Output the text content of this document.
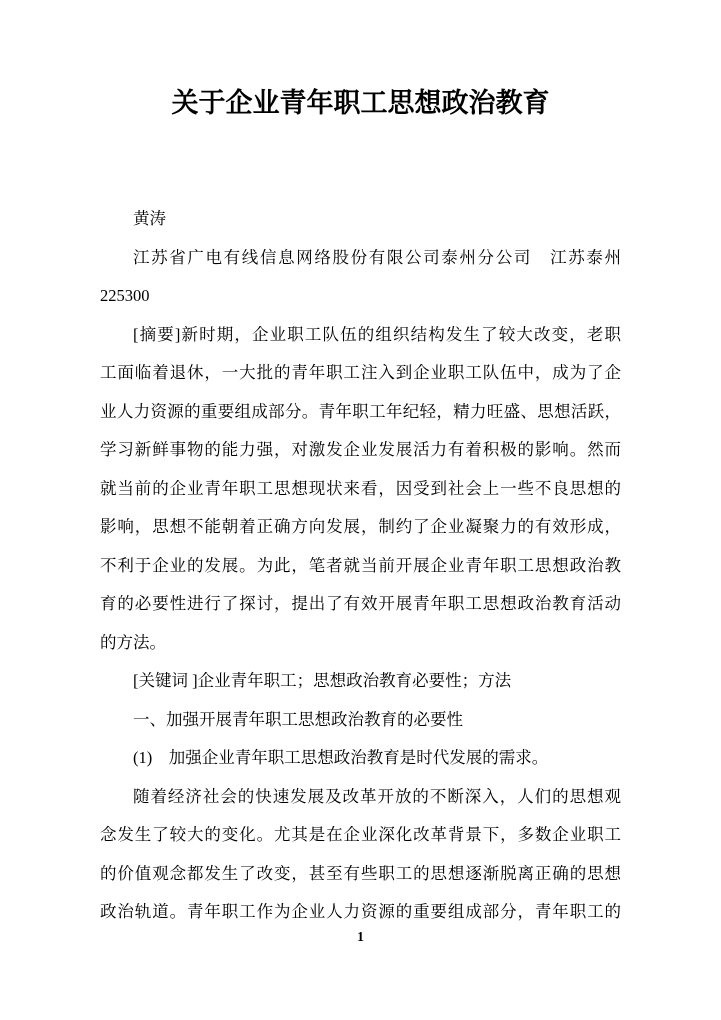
关于企业青年职工思想政治教育
黄涛
江苏省广电有线信息网络股份有限公司泰州分公司　江苏泰州
225300
[摘要]新时期，企业职工队伍的组织结构发生了较大改变，老职
工面临着退休，一大批的青年职工注入到企业职工队伍中，成为了企
业人力资源的重要组成部分。青年职工年纪轻，精力旺盛、思想活跃，
学习新鲜事物的能力强，对激发企业发展活力有着积极的影响。然而
就当前的企业青年职工思想现状来看，因受到社会上一些不良思想的
影响，思想不能朝着正确方向发展，制约了企业凝聚力的有效形成，
不利于企业的发展。为此，笔者就当前开展企业青年职工思想政治教
育的必要性进行了探讨，提出了有效开展青年职工思想政治教育活动
的方法。
[关键词 ]企业青年职工；思想政治教育必要性；方法
一、加强开展青年职工思想政治教育的必要性
(1)　加强企业青年职工思想政治教育是时代发展的需求。
随着经济社会的快速发展及改革开放的不断深入，人们的思想观
念发生了较大的变化。尤其是在企业深化改革背景下，多数企业职工
的价值观念都发生了改变，甚至有些职工的思想逐渐脱离正确的思想
政治轨道。青年职工作为企业人力资源的重要组成部分，青年职工的
1
